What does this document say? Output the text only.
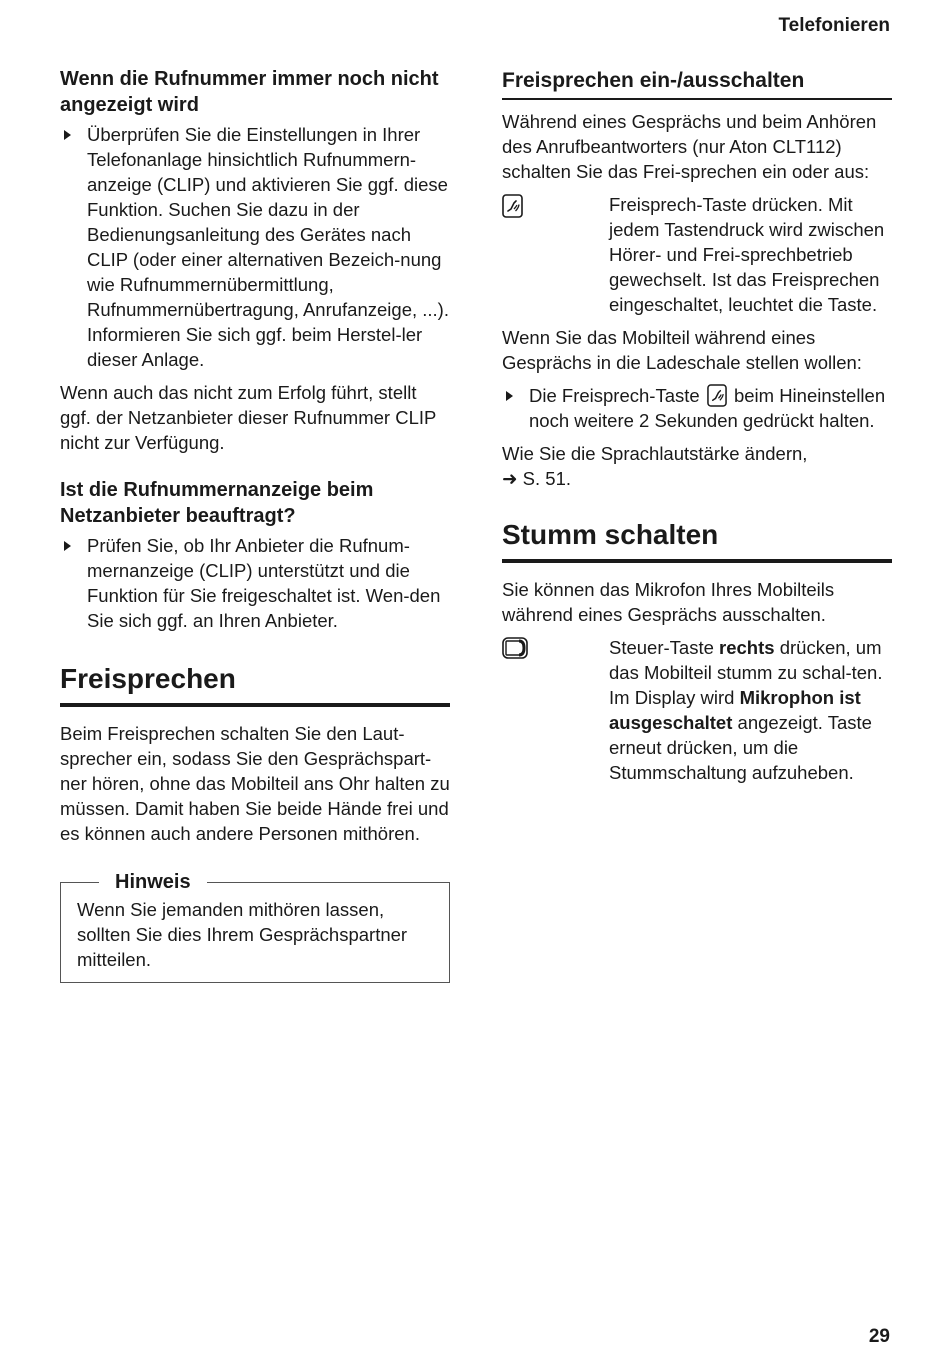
Telefonieren
Wenn die Rufnummer immer noch nicht angezeigt wird
Überprüfen Sie die Einstellungen in Ihrer Telefonanlage hinsichtlich Rufnummern-anzeige (CLIP) und aktivieren Sie ggf. diese Funktion. Suchen Sie dazu in der Bedienungsanleitung des Gerätes nach CLIP (oder einer alternativen Bezeich-nung wie Rufnummernübermittlung, Rufnummernübertragung, Anrufanzeige, ...). Informieren Sie sich ggf. beim Herstel-ler dieser Anlage.

Wenn auch das nicht zum Erfolg führt, stellt ggf. der Netzanbieter dieser Rufnummer CLIP nicht zur Verfügung.

Ist die Rufnummernanzeige beim Netzanbieter beauftragt?
Prüfen Sie, ob Ihr Anbieter die Rufnum-mernanzeige (CLIP) unterstützt und die Funktion für Sie freigeschaltet ist. Wen-den Sie sich ggf. an Ihren Anbieter.
Freisprechen

Beim Freisprechen schalten Sie den Laut-sprecher ein, sodass Sie den Gesprächspart-ner hören, ohne das Mobilteil ans Ohr halten zu müssen. Damit haben Sie beide Hände frei und es können auch andere Personen mithören.

Hinweis

Wenn Sie jemanden mithören lassen, sollten Sie dies Ihrem Gesprächspartner mitteilen.

Freisprechen ein-/ausschalten

Während eines Gesprächs und beim Anhören des Anrufbeantworters (nur Aton CLT112) schalten Sie das Frei-sprechen ein oder aus:

Freisprech-Taste drücken. Mit jedem Tastendruck wird zwischen Hörer- und Frei-sprechbetrieb gewechselt. Ist das Freisprechen eingeschaltet, leuchtet die Taste.

Wenn Sie das Mobilteil während eines Gesprächs in die Ladeschale stellen wollen:

Die Freisprech-Taste beim Hineinstellen noch weitere 2 Sekunden gedrückt halten.

Wie Sie die Sprachlautstärke ändern,
➜ S. 51.

Stumm schalten

Sie können das Mikrofon Ihres Mobilteils während eines Gesprächs ausschalten.

Steuer-Taste rechts drücken, um das Mobilteil stumm zu schal-ten. Im Display wird Mikrophon ist ausgeschaltet angezeigt. Taste erneut drücken, um die Stummschaltung aufzuheben.
29
